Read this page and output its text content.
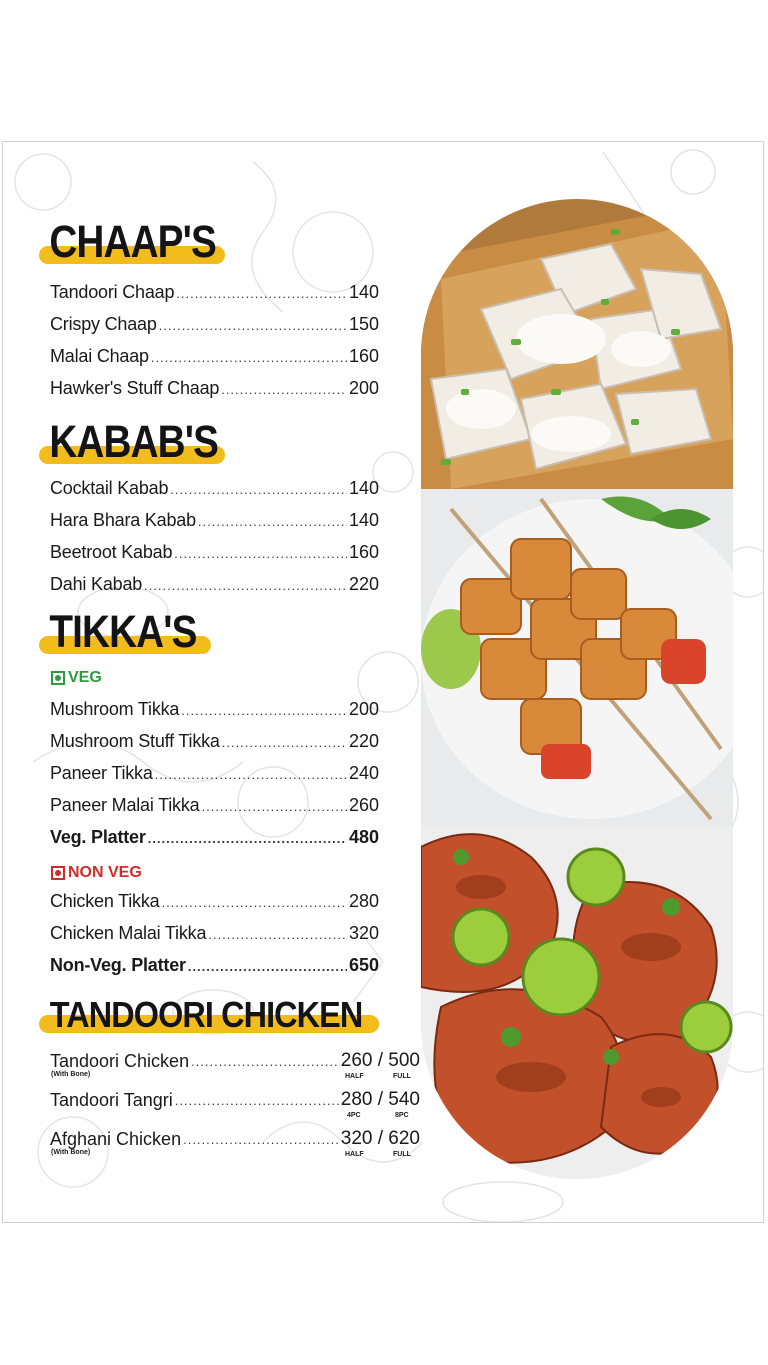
CHAAP'S
Tandoori Chaap .....	140
Crispy Chaap .....	150
Malai Chaap .....	160
Hawker's Stuff Chaap .....	200
KABAB'S
Cocktail Kabab .....	140
Hara Bhara Kabab .....	140
Beetroot Kabab .....	160
Dahi Kabab .....	220
TIKKA'S
VEG
Mushroom Tikka .....	200
Mushroom Stuff Tikka .....	220
Paneer Tikka .....	240
Paneer Malai Tikka .....	260
Veg. Platter .....	480
NON VEG
Chicken Tikka .....	280
Chicken Malai Tikka .....	320
Non-Veg. Platter .....	650
TANDOORI CHICKEN
Tandoori Chicken .....	260 / 500
(With Bone)	HALF	FULL
Tandoori Tangri .....	280 / 540
4PC	8PC
Afghani Chicken .....	320 / 620
(With Bone)	HALF	FULL
